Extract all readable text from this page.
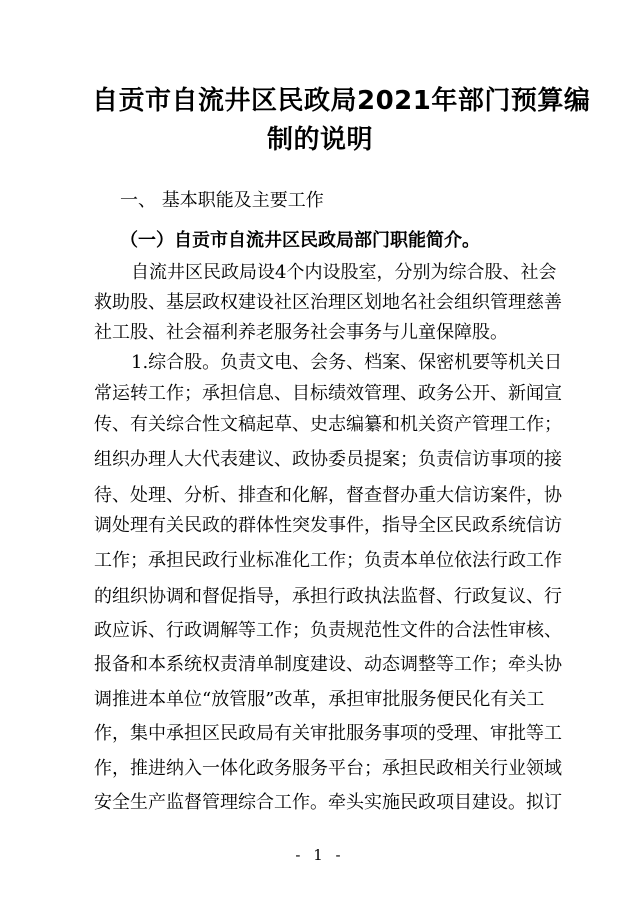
自贡市自流井区民政局2021年部门预算编
制的说明
一、 基本职能及主要工作
（一）自贡市自流井区民政局部门职能简介。
自流井区民政局设4个内设股室，分别为综合股、社会
救助股、基层政权建设社区治理区划地名社会组织管理慈善
社工股、社会福利养老服务社会事务与儿童保障股。
1.综合股。负责文电、会务、档案、保密机要等机关日
常运转工作；承担信息、目标绩效管理、政务公开、新闻宣
传、有关综合性文稿起草、史志编纂和机关资产管理工作；
组织办理人大代表建议、政协委员提案；负责信访事项的接
待、处理、分析、排查和化解，督查督办重大信访案件，协
调处理有关民政的群体性突发事件，指导全区民政系统信访
工作；承担民政行业标准化工作；负责本单位依法行政工作
的组织协调和督促指导，承担行政执法监督、行政复议、行
政应诉、行政调解等工作；负责规范性文件的合法性审核、
报备和本系统权责清单制度建设、动态调整等工作；牵头协
调推进本单位“放管服”改革，承担审批服务便民化有关工
作，集中承担区民政局有关审批服务事项的受理、审批等工
作，推进纳入一体化政务服务平台；承担民政相关行业领域
安全生产监督管理综合工作。牵头实施民政项目建设。拟订
- 1 -
